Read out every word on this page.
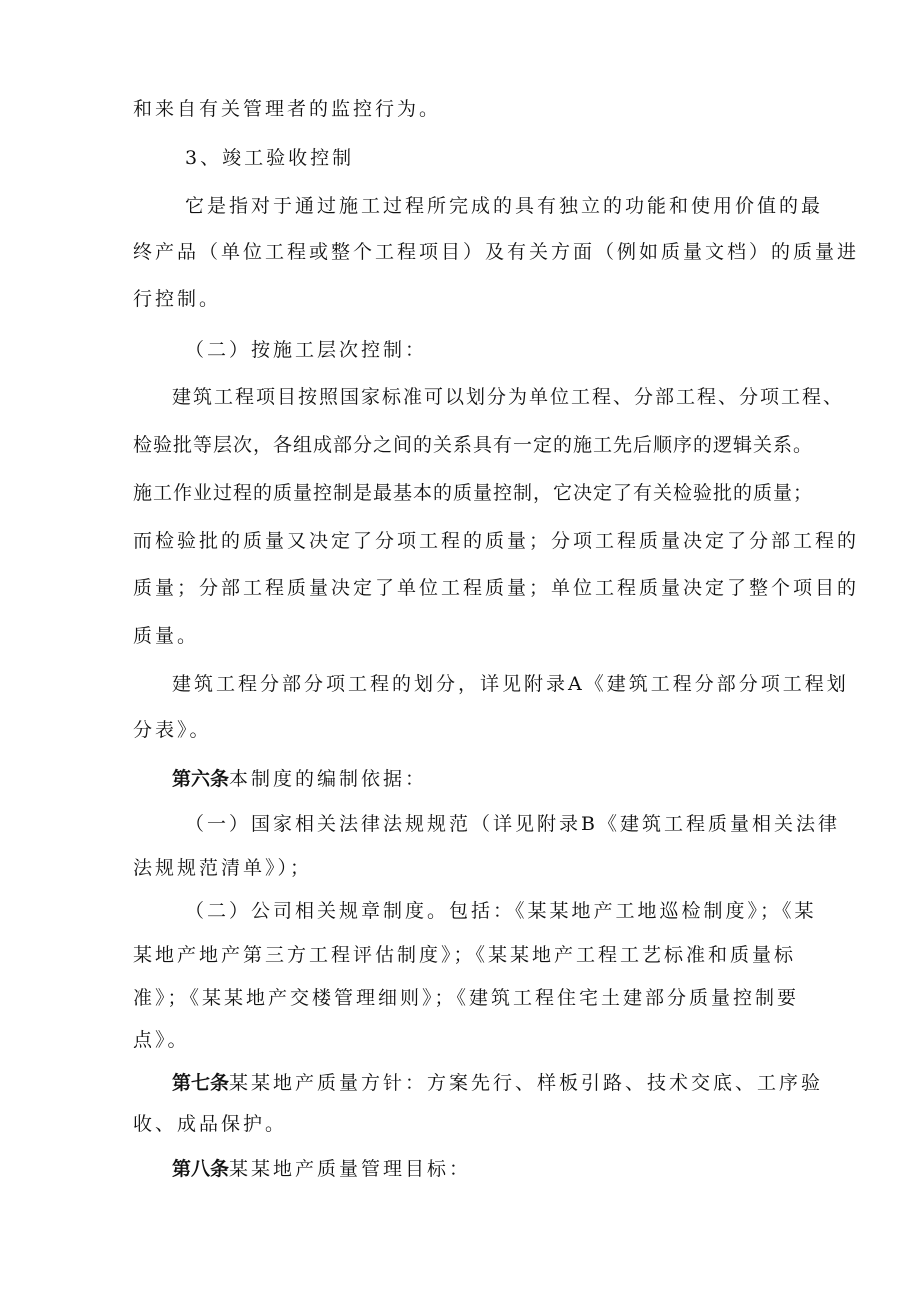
和来自有关管理者的监控行为。
3、竣工验收控制
它是指对于通过施工过程所完成的具有独立的功能和使用价值的最
终产品（单位工程或整个工程项目）及有关方面（例如质量文档）的质量进
行控制。
（二）按施工层次控制：
建筑工程项目按照国家标准可以划分为单位工程、分部工程、分项工程、
检验批等层次，各组成部分之间的关系具有一定的施工先后顺序的逻辑关系。
施工作业过程的质量控制是最基本的质量控制，它决定了有关检验批的质量；
而检验批的质量又决定了分项工程的质量；分项工程质量决定了分部工程的
质量；分部工程质量决定了单位工程质量；单位工程质量决定了整个项目的
质量。
建筑工程分部分项工程的划分，详见附录A《建筑工程分部分项工程划
分表》。
第六条本制度的编制依据：
（一）国家相关法律法规规范（详见附录B《建筑工程质量相关法律
法规规范清单》）；
（二）公司相关规章制度。包括：《某某地产工地巡检制度》；《某
某地产地产第三方工程评估制度》；《某某地产工程工艺标准和质量标
准》；《某某地产交楼管理细则》；《建筑工程住宅土建部分质量控制要
点》。
第七条某某地产质量方针：方案先行、样板引路、技术交底、工序验
收、成品保护。
第八条某某地产质量管理目标：
